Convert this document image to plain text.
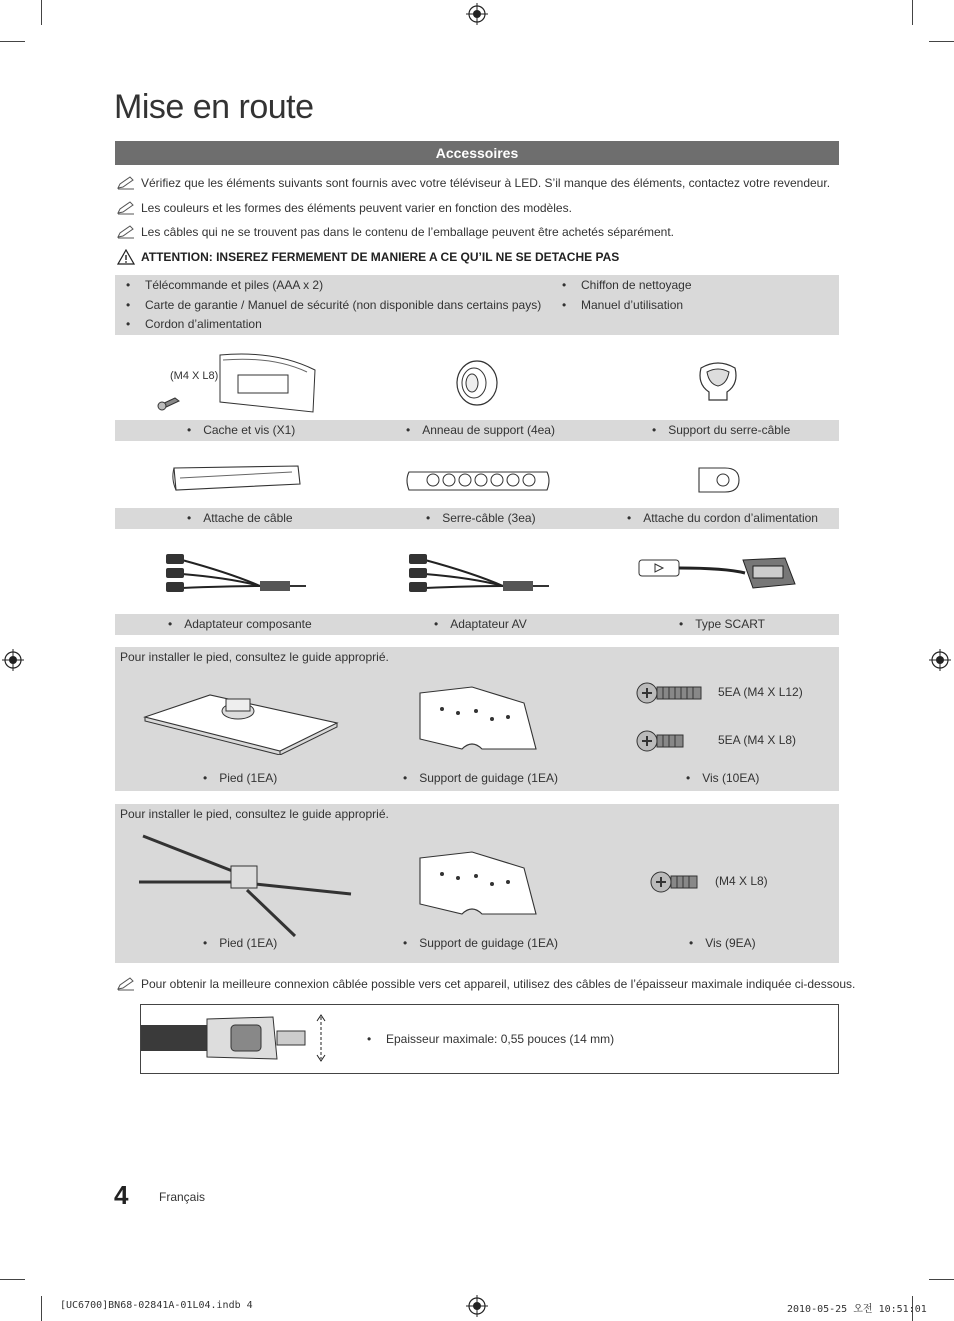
Mise en route
Accessoires
Vérifiez que les éléments suivants sont fournis avec votre téléviseur à LED. S’il manque des éléments, contactez votre revendeur.
Les couleurs et les formes des éléments peuvent varier en fonction des modèles.
Les câbles qui ne se trouvent pas dans le contenu de l’emballage peuvent être achetés séparément.
ATTENTION: INSEREZ FERMEMENT DE MANIERE A CE QU’IL NE SE DETACHE PAS
• Télécommande et piles (AAA x 2)
• Carte de garantie / Manuel de sécurité (non disponible dans certains pays)
• Cordon d’alimentation
• Chiffon de nettoyage
• Manuel d’utilisation
(M4 X L8)
• Cache et vis (X1)	• Anneau de support (4ea)	• Support du serre-câble
• Attache de câble	• Serre-câble (3ea)	• Attache du cordon d’alimentation
• Adaptateur composante	• Adaptateur AV	• Type SCART
Pour installer le pied, consultez le guide approprié.
5EA (M4 X L12)
5EA (M4 X L8)
• Pied (1EA)	• Support de guidage (1EA)	• Vis (10EA)
Pour installer le pied, consultez le guide approprié.
(M4 X L8)
• Pied (1EA)	• Support de guidage (1EA)	• Vis (9EA)
Pour obtenir la meilleure connexion câblée possible vers cet appareil, utilisez des câbles de l’épaisseur maximale indiquée ci-dessous.
• Epaisseur maximale: 0,55 pouces (14 mm)
4	Français
[UC6700]BN68-02841A-01L04.indb 4	2010-05-25 오전 10:51:01
